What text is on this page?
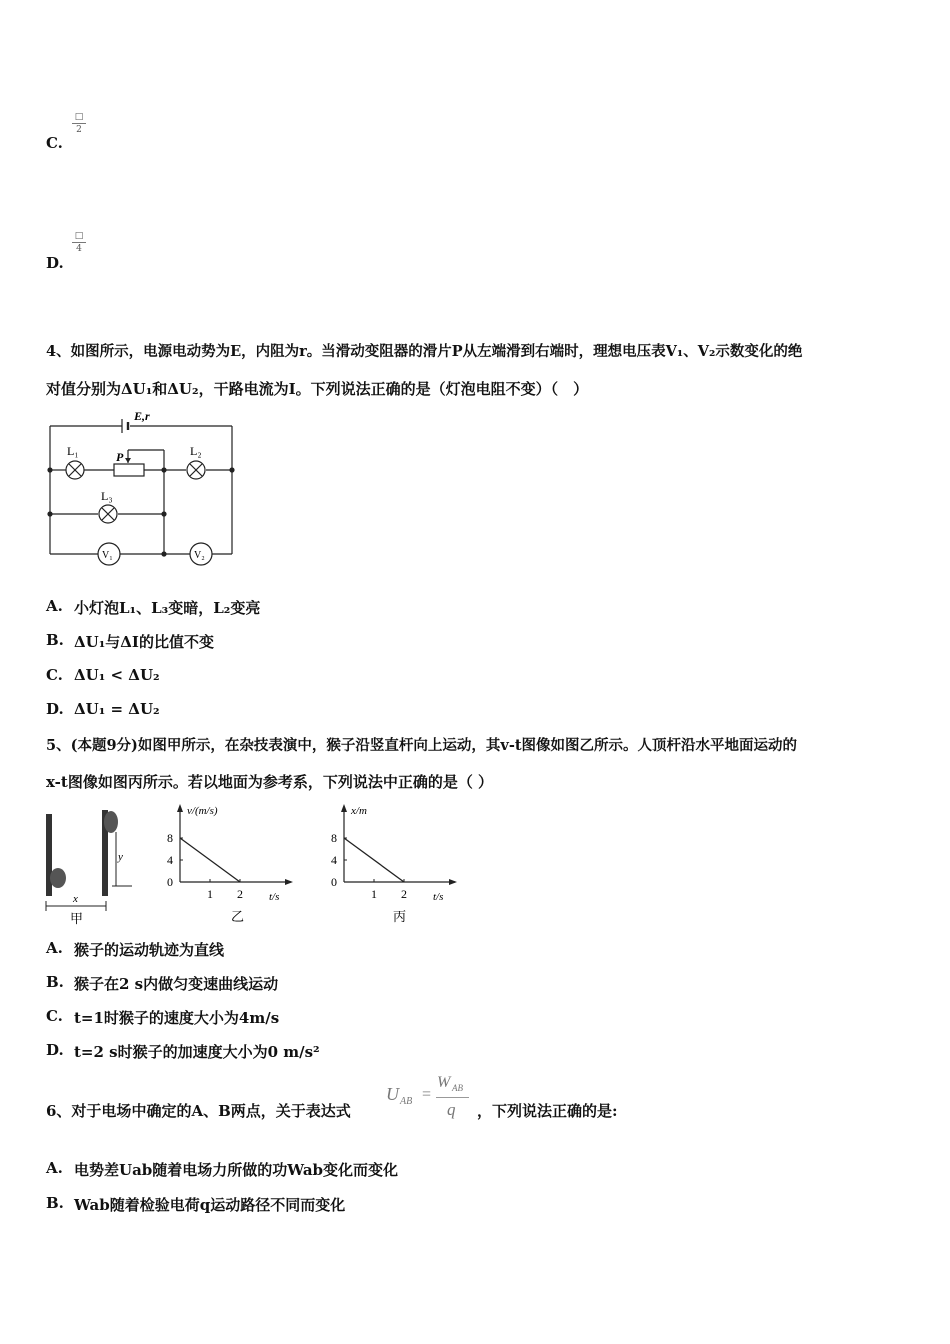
C.
□
2
D.
□
4
4、如图所示，电源电动势为E，内阻为r。当滑动变阻器的滑片P从左端滑到右端时，理想电压表V₁、V₂示数变化的绝
对值分别为ΔU₁和ΔU₂，干路电流为I。下列说法正确的是（灯泡电阻不变）（　）
E,r
L₁	L₂
L₃
P
V₁	V₂
A. 小灯泡L₁、L₃变暗，L₂变亮
B. ΔU₁与ΔI的比值不变
C. ΔU₁ < ΔU₂
D. ΔU₁ = ΔU₂
5、(本题9分)如图甲所示，在杂技表演中，猴子沿竖直杆向上运动，其v-t图像如图乙所示。人顶杆沿水平地面运动的
x-t图像如图丙所示。若以地面为参考系，下列说法中正确的是（ ）
y
x
甲
v/(m/s)
t/s
0
4
8
1 2
乙
x/m
t/s
0
4
8
1 2
丙
A. 猴子的运动轨迹为直线
B. 猴子在2 s内做匀变速曲线运动
C. t=1时猴子的速度大小为4m/s
D. t=2 s时猴子的加速度大小为0 m/s²
6、对于电场中确定的A、B两点，关于表达式
U AB =
W AB
q ，下列说法正确的是:
A. 电势差Uab随着电场力所做的功Wab变化而变化
B. Wab随着检验电荷q运动路径不同而变化
